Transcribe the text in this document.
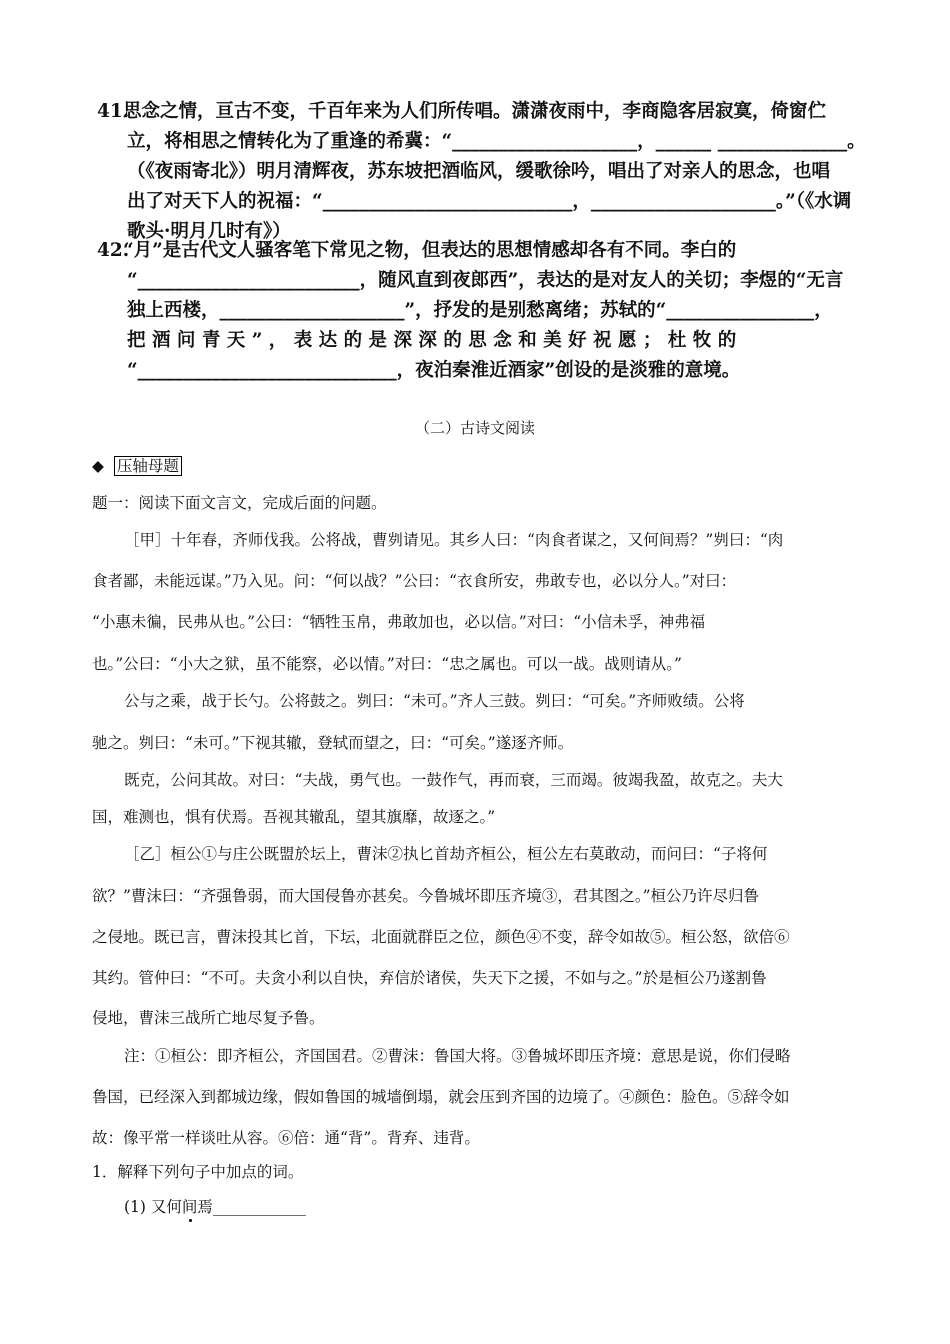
41.思念之情，亘古不变，千百年来为人们所传唱。潇潇夜雨中，李商隐客居寂寞，倚窗伫

立，将相思之情转化为了重逢的希冀：“____________________，______ ______________。

（《夜雨寄北》）明月清辉夜，苏东坡把酒临风，缓歌徐吟，唱出了对亲人的思念，也唱

出了对天下人的祝福：“___________________________，____________________。”（《水调

歌头·明月几时有》）

42.“月”是古代文人骚客笔下常见之物，但表达的思想情感却各有不同。李白的

“________________________，随风直到夜郎西”，表达的是对友人的关切；李煜的“无言

独上西楼，____________________”，抒发的是别愁离绪；苏轼的“________________，

把 酒 问 青 天 ” ， 表 达 的 是 深 深 的 思 念 和 美 好 祝 愿 ； 杜 牧 的

“____________________________，夜泊秦淮近酒家”创设的是淡雅的意境。

（二）古诗文阅读
◆ 压轴母题
题一：阅读下面文言文，完成后面的问题。
［甲］十年春，齐师伐我。公将战，曹刿请见。其乡人曰：“肉食者谋之，又何间焉？”刿曰：“肉
食者鄙，未能远谋。”乃入见。问：“何以战？”公曰：“衣食所安，弗敢专也，必以分人。”对曰：
“小惠未徧，民弗从也。”公曰：“牺牲玉帛，弗敢加也，必以信。”对曰：“小信未孚，神弗福
也。”公曰：“小大之狱，虽不能察，必以情。”对曰：“忠之属也。可以一战。战则请从。”
公与之乘，战于长勺。公将鼓之。刿曰：“未可。”齐人三鼓。刿曰：“可矣。”齐师败绩。公将
驰之。刿曰：“未可。”下视其辙，登轼而望之，曰：“可矣。”遂逐齐师。
既克，公问其故。对曰：“夫战，勇气也。一鼓作气，再而衰，三而竭。彼竭我盈，故克之。夫大
国，难测也，惧有伏焉。吾视其辙乱，望其旗靡，故逐之。”
［乙］桓公①与庄公既盟於坛上，曹沫②执匕首劫齐桓公，桓公左右莫敢动，而问曰：“子将何
欲？”曹沫曰：“齐强鲁弱，而大国侵鲁亦甚矣。今鲁城坏即压齐境③，君其图之。”桓公乃许尽归鲁
之侵地。既已言，曹沫投其匕首，下坛，北面就群臣之位，颜色④不变，辞令如故⑤。桓公怒，欲倍⑥
其约。管仲曰：“不可。夫贪小利以自快，弃信於诸侯，失天下之援，不如与之。”於是桓公乃遂割鲁
侵地，曹沫三战所亡地尽复予鲁。
注：①桓公：即齐桓公，齐国国君。②曹沫：鲁国大将。③鲁城坏即压齐境：意思是说，你们侵略
鲁国，已经深入到都城边缘，假如鲁国的城墙倒塌，就会压到齐国的边境了。④颜色：脸色。⑤辞令如
故：像平常一样谈吐从容。⑥倍：通“背”。背弃、违背。
1．解释下列句子中加点的词。
(1) 又何间焉____________
